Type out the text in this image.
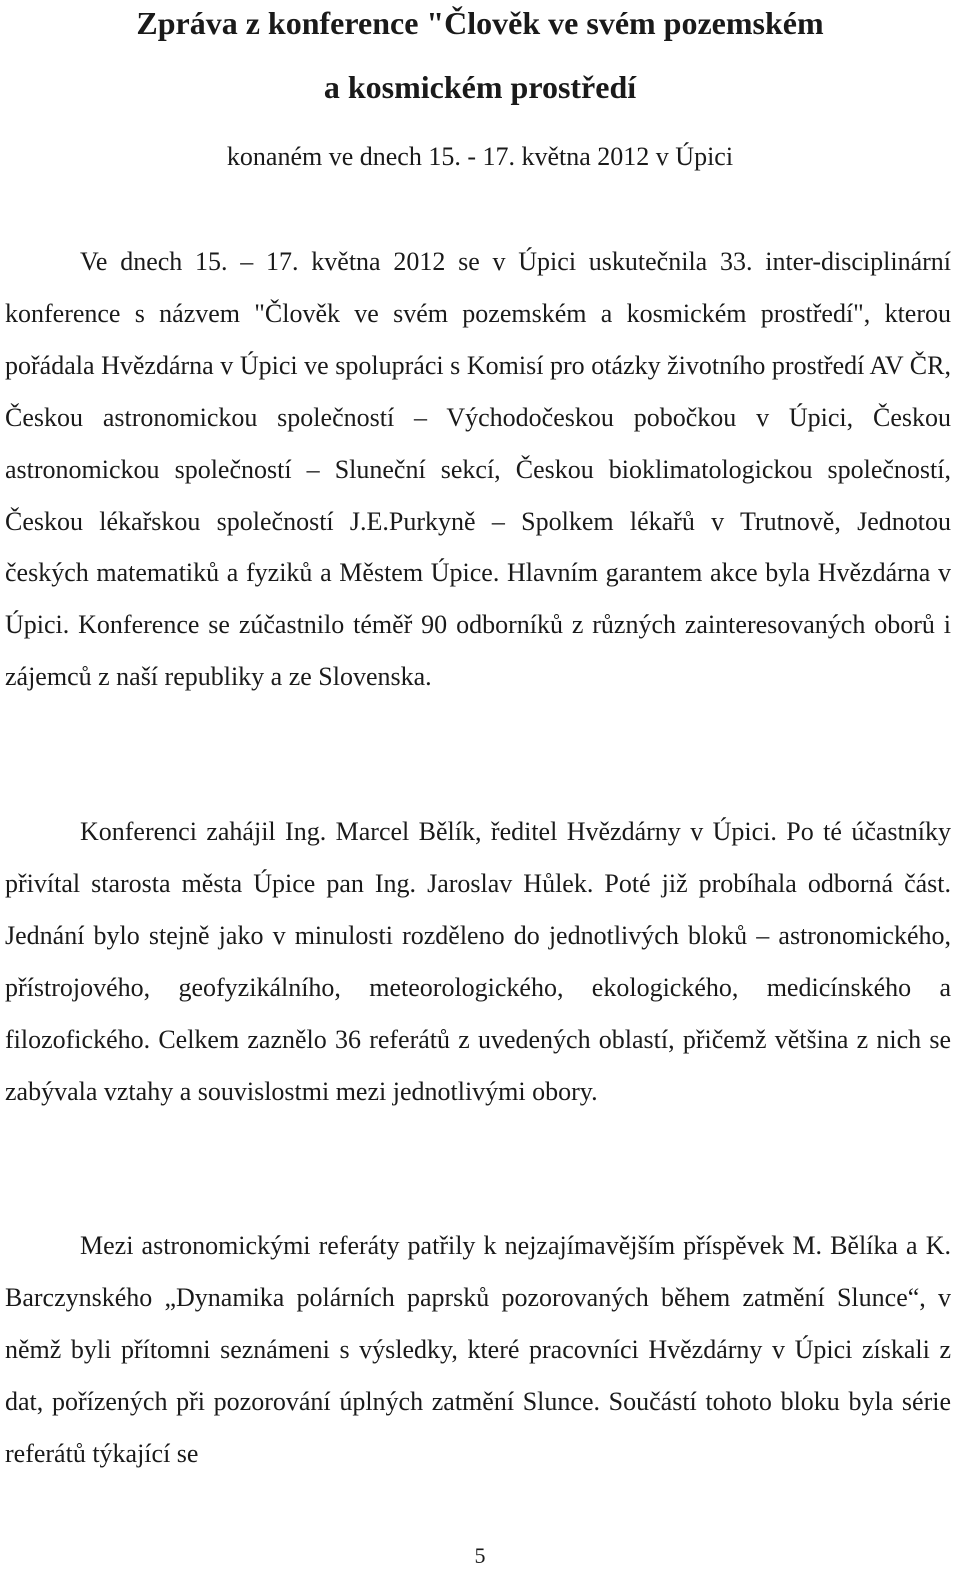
Zpráva z konference "Člověk ve svém pozemském
a kosmickém prostředí

konaném ve dnech 15. - 17. května 2012 v Úpici

Ve dnech 15. – 17. května 2012 se v Úpici uskutečnila 33. inter-disciplinární konference s názvem "Člověk ve svém pozemském a kosmickém prostředí", kterou pořádala Hvězdárna v Úpici ve spolupráci s Komisí pro otázky životního prostředí AV ČR, Českou astronomickou společností – Východočeskou pobočkou v Úpici, Českou astronomickou společností – Sluneční sekcí, Českou bioklimatologickou společností, Českou lékařskou společností J.E.Purkyně – Spolkem lékařů v Trutnově, Jednotou českých matematiků a fyziků a Městem Úpice. Hlavním garantem akce byla Hvězdárna v Úpici. Konference se zúčastnilo téměř 90 odborníků z různých zainteresovaných oborů i zájemců z naší republiky a ze Slovenska.

Konferenci zahájil Ing. Marcel Bělík, ředitel Hvězdárny v Úpici. Po té účastníky přivítal starosta města Úpice pan Ing. Jaroslav Hůlek. Poté již probíhala odborná část. Jednání bylo stejně jako v minulosti rozděleno do jednotlivých bloků – astronomického, přístrojového, geofyzikálního, meteorologického, ekologického, medicínského a filozofického. Celkem zaznělo 36 referátů z uvedených oblastí, přičemž většina z nich se zabývala vztahy a souvislostmi mezi jednotlivými obory.

Mezi astronomickými referáty patřily k nejzajímavějším příspěvek M. Bělíka a K. Barczynského „Dynamika polárních paprsků pozorovaných během zatmění Slunce“, v němž byli přítomni seznámeni s výsledky, které pracovníci Hvězdárny v Úpici získali z dat, pořízených při pozorování úplných zatmění Slunce. Součástí tohoto bloku byla série referátů týkající se

5
